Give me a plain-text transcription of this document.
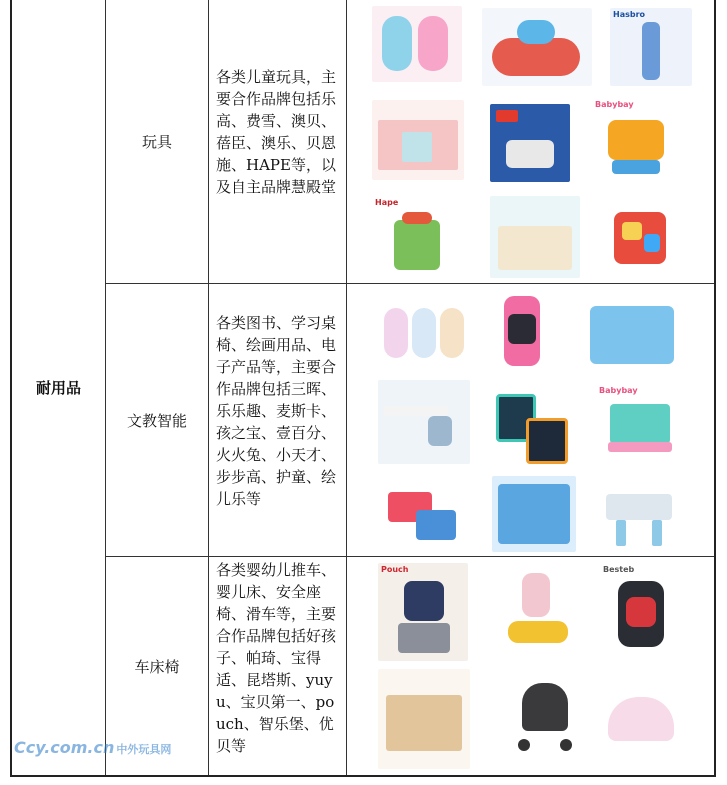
耐用品
玩具
各类儿童玩具，主要合作品牌包括乐高、费雪、澳贝、蓓臣、澳乐、贝恩施、HAPE等，以及自主品牌慧殿堂
文教智能
各类图书、学习桌椅、绘画用品、电子产品等，主要合作品牌包括三晖、乐乐趣、麦斯卡、孩之宝、壹百分、火火兔、小天才、步步高、护童、绘儿乐等
车床椅
各类婴幼儿推车、婴儿床、安全座椅、滑车等，主要合作品牌包括好孩子、帕琦、宝得适、昆塔斯、yuyu、宝贝第一、pouch、智乐堡、优贝等
Hasbro
Babybay
Hape
Babybay
Pouch	Besteb
Ccy.com.cn 中外玩具网
